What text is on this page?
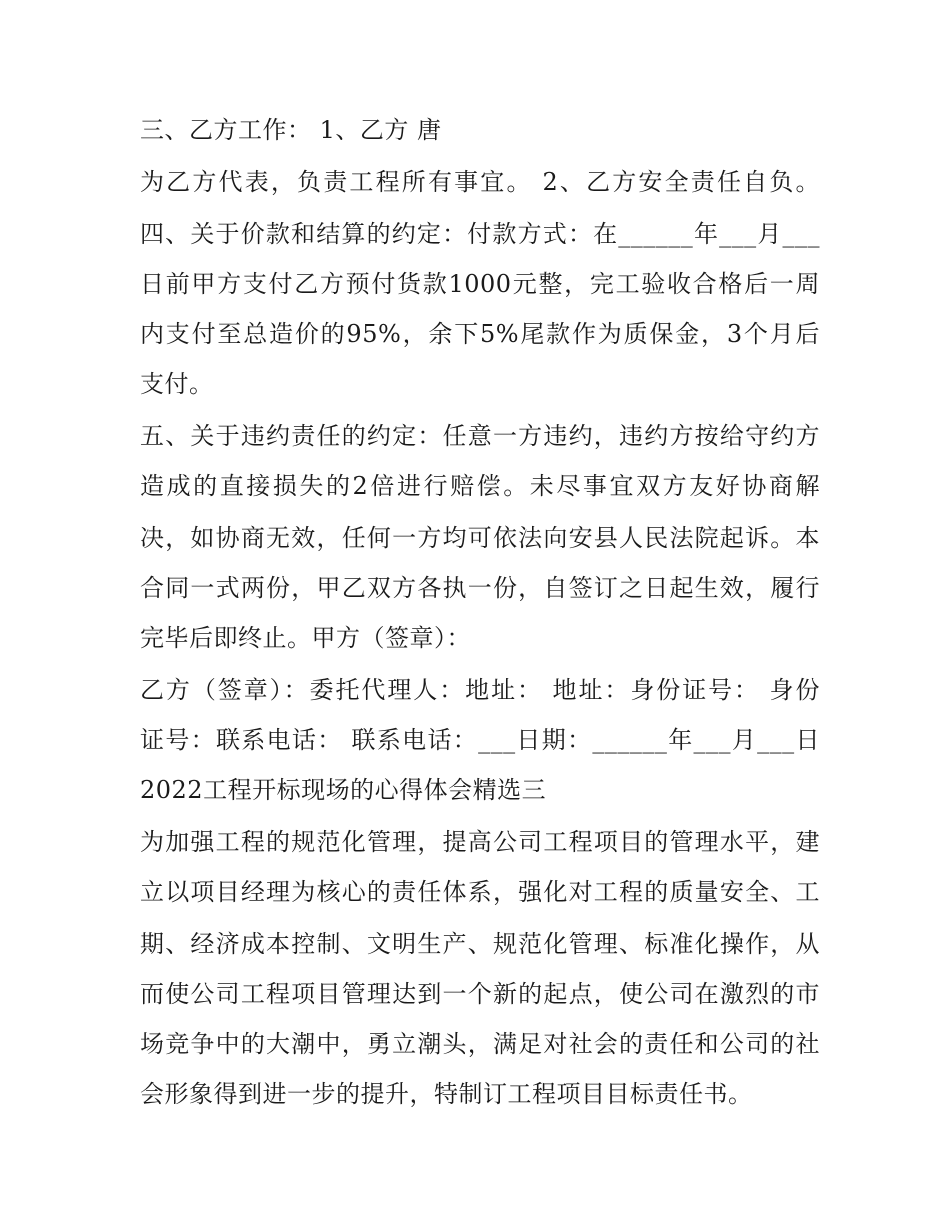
三、乙方工作： 1、乙方 唐
为乙方代表，负责工程所有事宜。 2、乙方安全责任自负。
四、关于价款和结算的约定：付款方式：在______年___月___
日前甲方支付乙方预付货款1000元整，完工验收合格后一周
内支付至总造价的95%，余下5%尾款作为质保金，3个月后
支付。
五、关于违约责任的约定：任意一方违约，违约方按给守约方
造成的直接损失的2倍进行赔偿。未尽事宜双方友好协商解
决，如协商无效，任何一方均可依法向安县人民法院起诉。本
合同一式两份，甲乙双方各执一份，自签订之日起生效，履行
完毕后即终止。甲方（签章）：
乙方（签章）：委托代理人：地址： 地址：身份证号： 身份
证号：联系电话： 联系电话：___日期：______年___月___日
2022工程开标现场的心得体会精选三
为加强工程的规范化管理，提高公司工程项目的管理水平，建
立以项目经理为核心的责任体系，强化对工程的质量安全、工
期、经济成本控制、文明生产、规范化管理、标准化操作，从
而使公司工程项目管理达到一个新的起点，使公司在激烈的市
场竞争中的大潮中，勇立潮头，满足对社会的责任和公司的社
会形象得到进一步的提升，特制订工程项目目标责任书。
